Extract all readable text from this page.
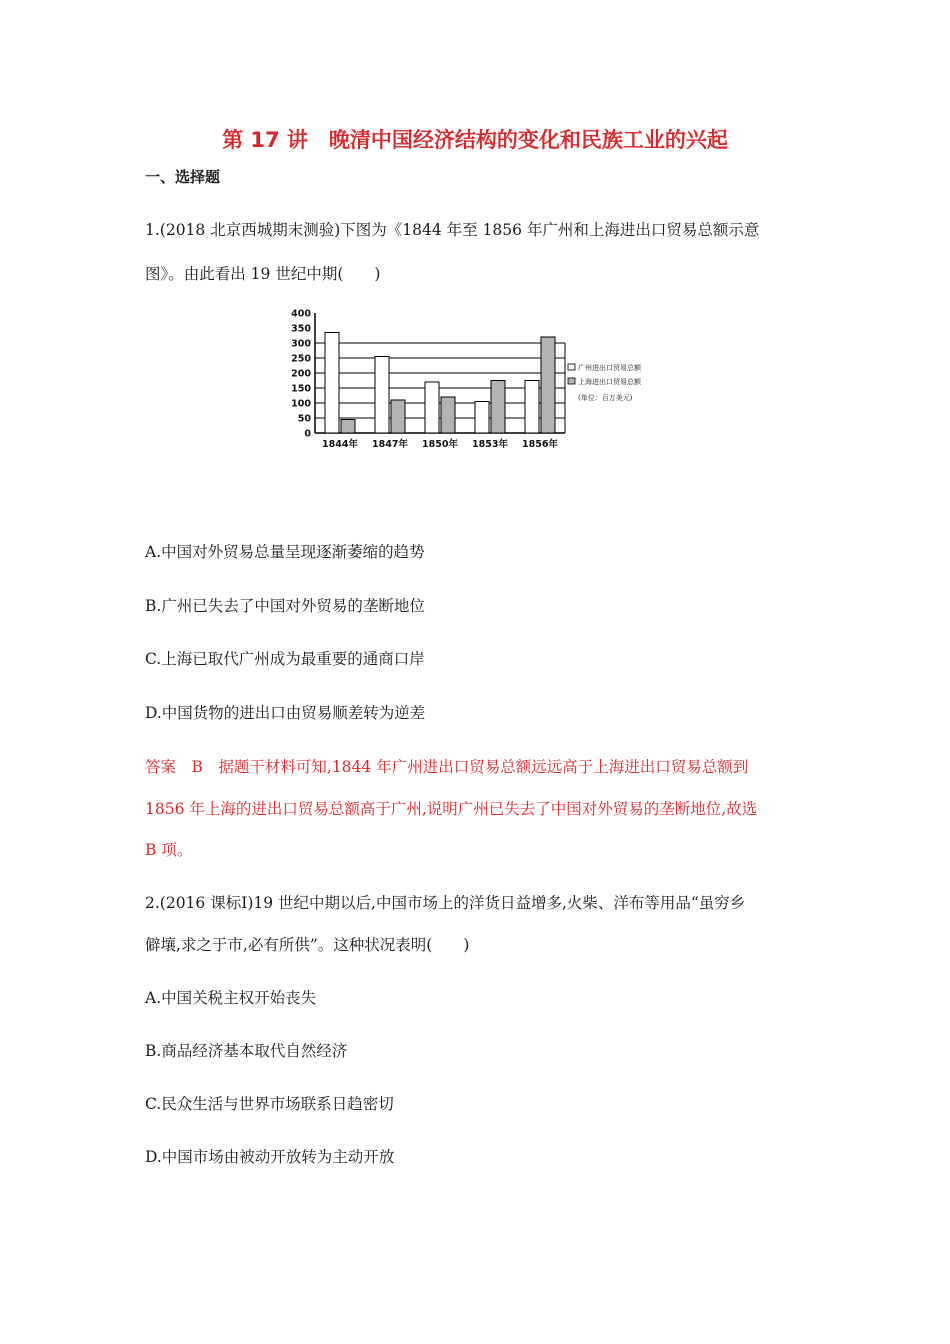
第 17 讲　晚清中国经济结构的变化和民族工业的兴起
一、选择题
1.(2018 北京西城期末测验)下图为《1844 年至 1856 年广州和上海进出口贸易总额示意
图》。由此看出 19 世纪中期(　　)
0
50
100
150
200
250
300
350
400
1844年 1847年 1850年 1853年 1856年
广州进出口贸易总额
上海进出口贸易总额
(单位：百万美元)
A.中国对外贸易总量呈现逐渐萎缩的趋势
B.广州已失去了中国对外贸易的垄断地位
C.上海已取代广州成为最重要的通商口岸
D.中国货物的进出口由贸易顺差转为逆差
答案　B　据题干材料可知,1844 年广州进出口贸易总额远远高于上海进出口贸易总额到
1856 年上海的进出口贸易总额高于广州,说明广州已失去了中国对外贸易的垄断地位,故选
B 项。
2.(2016 课标Ⅰ)19 世纪中期以后,中国市场上的洋货日益增多,火柴、洋布等用品“虽穷乡
僻壤,求之于市,必有所供”。这种状况表明(　　)
A.中国关税主权开始丧失
B.商品经济基本取代自然经济
C.民众生活与世界市场联系日趋密切
D.中国市场由被动开放转为主动开放
